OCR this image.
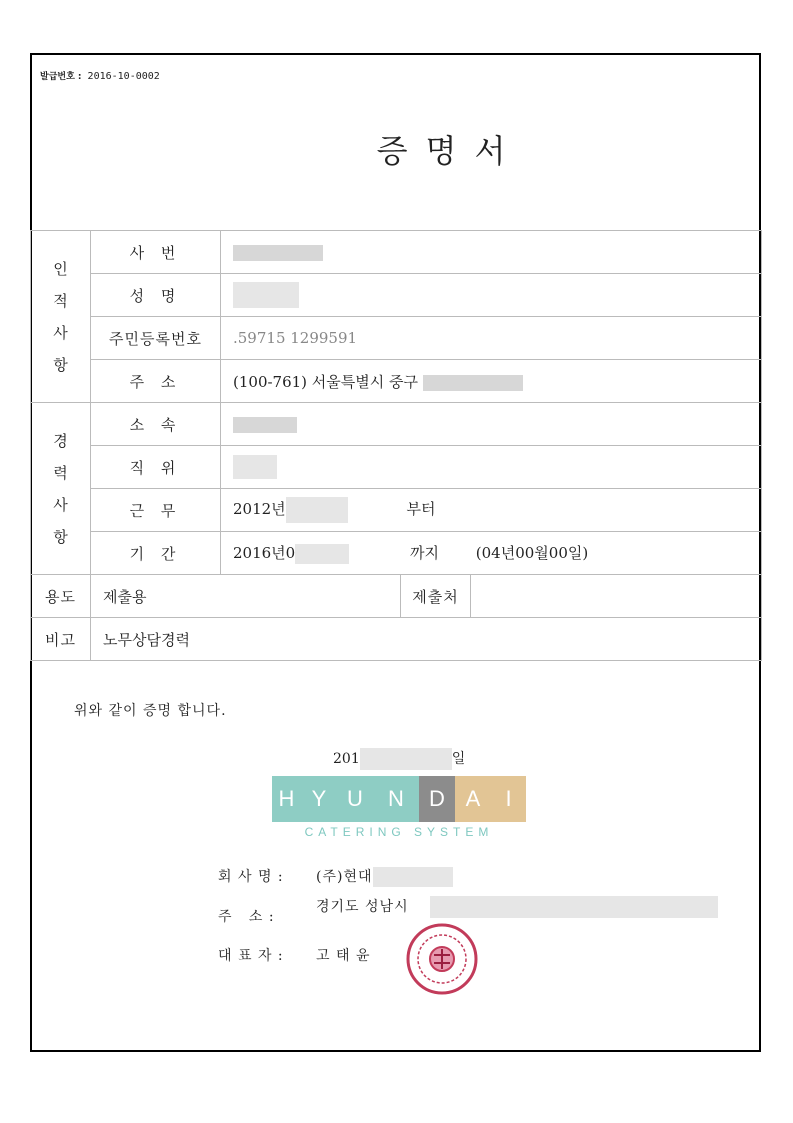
발급번호 : 2016-10-0002
증명서
인
적
사
항	사 번			
	성 명			
	주민등록번호	.59715 1299591		
	주 소	(100-761) 서울특별시 중구		

경
력
사
항	소 속			
	직 위			
	근 무	2012년 부터		
	기 간	2016년0 까지 (04년00월00일)		
용도	제출용		제출처	
비고	노무상담경력			
위와 같이 증명 합니다.
201	일
H Y U	N	D A	I
CATERING SYSTEM
회 사 명 : (주)현대
주   소 :
경기도 성남시
대 표 자 : 고 태 윤
